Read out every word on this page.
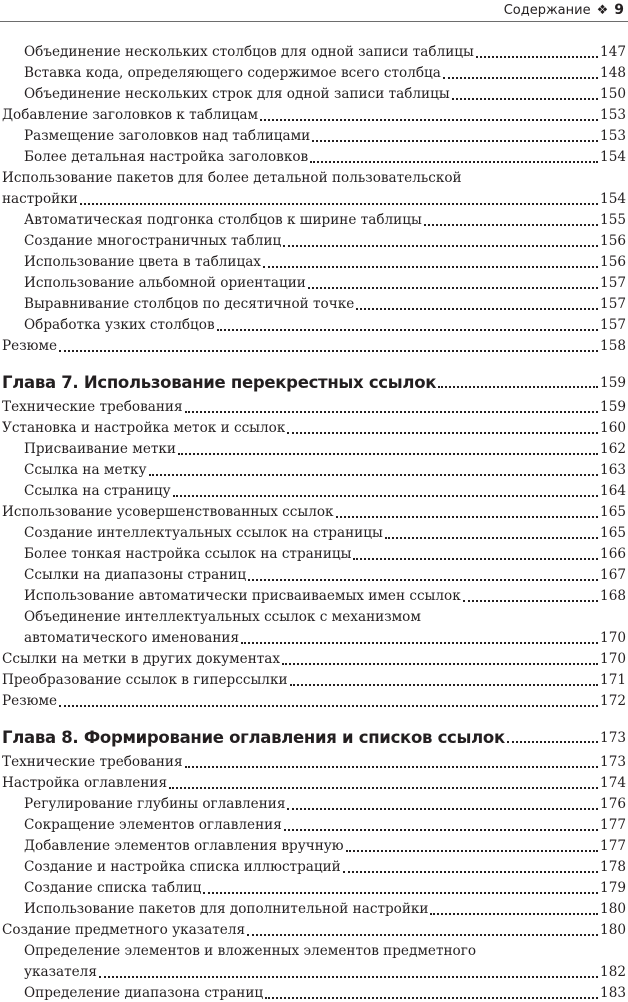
Содержание ❖ 9
Объединение нескольких столбцов для одной записи таблицы	147
Вставка кода, определяющего содержимое всего столбца	148
Объединение нескольких строк для одной записи таблицы	150
Добавление заголовков к таблицам	153
Размещение заголовков над таблицами	153
Более детальная настройка заголовков	154
Использование пакетов для более детальной пользовательской
настройки	154
Автоматическая подгонка столбцов к ширине таблицы	155
Создание многостраничных таблиц	156
Использование цвета в таблицах	156
Использование альбомной ориентации	157
Выравнивание столбцов по десятичной точке	157
Обработка узких столбцов	157
Резюме	158
Глава 7. Использование перекрестных ссылок	159
Технические требования	159
Установка и настройка меток и ссылок	160
Присваивание метки	162
Ссылка на метку	163
Ссылка на страницу	164
Использование усовершенствованных ссылок	165
Создание интеллектуальных ссылок на страницы	165
Более тонкая настройка ссылок на страницы	166
Ссылки на диапазоны страниц	167
Использование автоматически присваиваемых имен ссылок	168
Объединение интеллектуальных ссылок с механизмом
автоматического именования	170
Ссылки на метки в других документах	170
Преобразование ссылок в гиперссылки	171
Резюме	172
Глава 8. Формирование оглавления и списков ссылок	173
Технические требования	173
Настройка оглавления	174
Регулирование глубины оглавления	176
Сокращение элементов оглавления	177
Добавление элементов оглавления вручную	177
Создание и настройка списка иллюстраций	178
Создание списка таблиц	179
Использование пакетов для дополнительной настройки	180
Создание предметного указателя	180
Определение элементов и вложенных элементов предметного
указателя	182
Определение диапазона страниц	183
